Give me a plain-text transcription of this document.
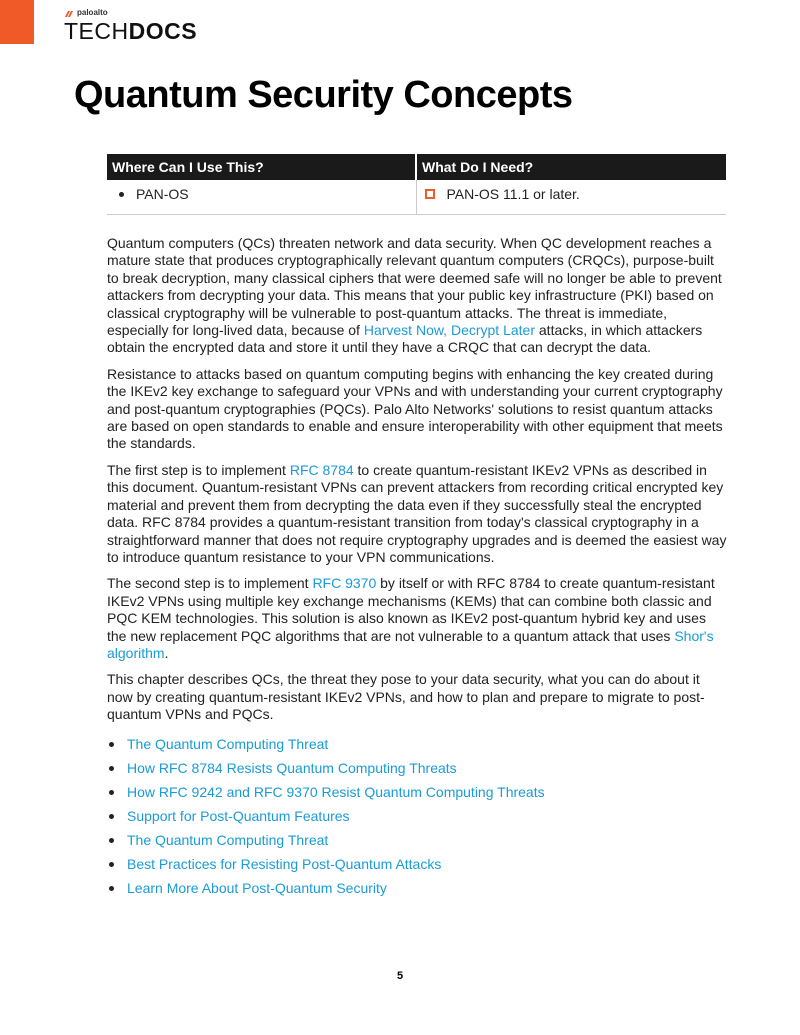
paloalto
TECHDOCS
Quantum Security Concepts
Where Can I Use This?	What Do I Need?

PAN-OS	PAN-OS 11.1 or later.

Quantum computers (QCs) threaten network and data security. When QC development reaches a mature state that produces cryptographically relevant quantum computers (CRQCs), purpose-built to break decryption, many classical ciphers that were deemed safe will no longer be able to prevent attackers from decrypting your data. This means that your public key infrastructure (PKI) based on classical cryptography will be vulnerable to post-quantum attacks. The threat is immediate, especially for long-lived data, because of Harvest Now, Decrypt Later attacks, in which attackers obtain the encrypted data and store it until they have a CRQC that can decrypt the data.

Resistance to attacks based on quantum computing begins with enhancing the key created during the IKEv2 key exchange to safeguard your VPNs and with understanding your current cryptography and post-quantum cryptographies (PQCs). Palo Alto Networks' solutions to resist quantum attacks are based on open standards to enable and ensure interoperability with other equipment that meets the standards.

The first step is to implement RFC 8784 to create quantum-resistant IKEv2 VPNs as described in this document. Quantum-resistant VPNs can prevent attackers from recording critical encrypted key material and prevent them from decrypting the data even if they successfully steal the encrypted data. RFC 8784 provides a quantum-resistant transition from today's classical cryptography in a straightforward manner that does not require cryptography upgrades and is deemed the easiest way to introduce quantum resistance to your VPN communications.

The second step is to implement RFC 9370 by itself or with RFC 8784 to create quantum-resistant IKEv2 VPNs using multiple key exchange mechanisms (KEMs) that can combine both classic and PQC KEM technologies. This solution is also known as IKEv2 post-quantum hybrid key and uses the new replacement PQC algorithms that are not vulnerable to a quantum attack that uses Shor's algorithm.

This chapter describes QCs, the threat they pose to your data security, what you can do about it now by creating quantum-resistant IKEv2 VPNs, and how to plan and prepare to migrate to post-quantum VPNs and PQCs.

The Quantum Computing Threat
How RFC 8784 Resists Quantum Computing Threats
How RFC 9242 and RFC 9370 Resist Quantum Computing Threats
Support for Post-Quantum Features
The Quantum Computing Threat
Best Practices for Resisting Post-Quantum Attacks
Learn More About Post-Quantum Security
5
